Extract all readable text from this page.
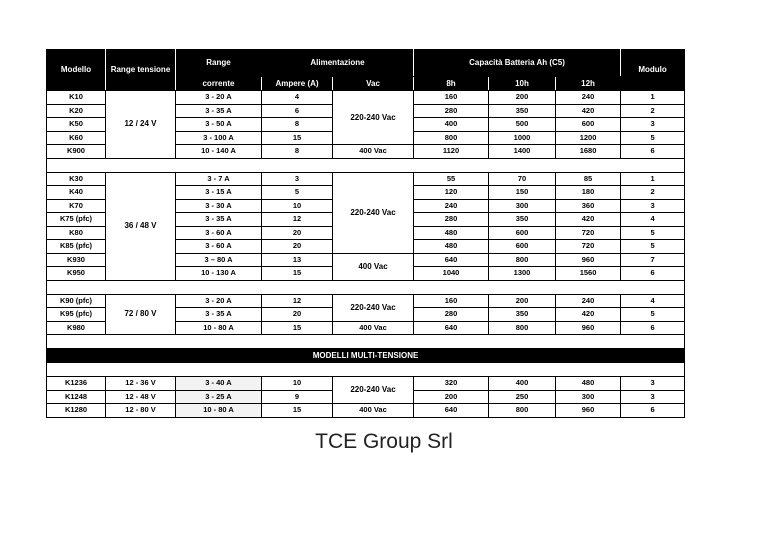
Modello	Range tensione	Range	Alimentazione		Capacità Batteria Ah (C5)			Modulo
		corrente	Ampere (A)	Vac	8h	10h	12h	
K10	12 / 24 V	3 - 20 A	4	220-240 Vac	160	200	240	1
K20		3 - 35 A	6		280	350	420	2
K50		3 - 50 A	8		400	500	600	3
K60		3 - 100 A	15		800	1000	1200	5
K900		10 - 140 A	8	400 Vac	1120	1400	1680	6

K30	36 / 48 V	3 - 7 A	3	220-240 Vac	55	70	85	1
K40		3 - 15 A	5		120	150	180	2
K70		3 - 30 A	10		240	300	360	3
K75 (pfc)		3 - 35 A	12		280	350	420	4
K80		3 - 60 A	20		480	600	720	5
K85 (pfc)		3 - 60 A	20		480	600	720	5
K930		3 – 80 A	13	400 Vac	640	800	960	7
K950		10 - 130 A	15		1040	1300	1560	6

K90 (pfc)	72 / 80 V	3 - 20 A	12	220-240 Vac	160	200	240	4
K95 (pfc)		3 - 35 A	20		280	350	420	5
K980		10 - 80 A	15	400 Vac	640	800	960	6

MODELLI MULTI-TENSIONE								

K1236	12 - 36 V	3 - 40 A	10	220-240 Vac	320	400	480	3
K1248	12 - 48 V	3 - 25 A	9		200	250	300	3
K1280	12 - 80 V	10 - 80 A	15	400 Vac	640	800	960	6
TCE Group Srl
